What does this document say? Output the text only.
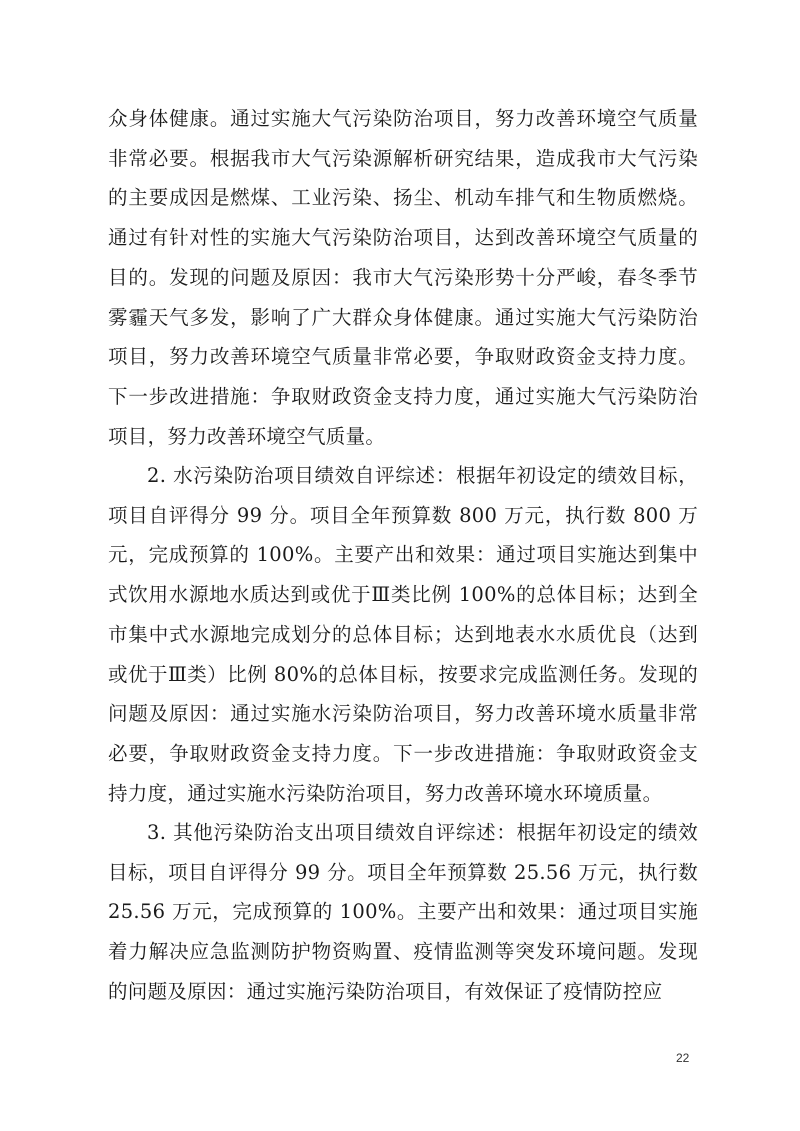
众身体健康。通过实施大气污染防治项目，努力改善环境空气质量非常必要。根据我市大气污染源解析研究结果，造成我市大气污染的主要成因是燃煤、工业污染、扬尘、机动车排气和生物质燃烧。通过有针对性的实施大气污染防治项目，达到改善环境空气质量的目的。发现的问题及原因：我市大气污染形势十分严峻，春冬季节雾霾天气多发，影响了广大群众身体健康。通过实施大气污染防治项目，努力改善环境空气质量非常必要，争取财政资金支持力度。下一步改进措施：争取财政资金支持力度，通过实施大气污染防治项目，努力改善环境空气质量。

2. 水污染防治项目绩效自评综述：根据年初设定的绩效目标，项目自评得分 99 分。项目全年预算数 800 万元，执行数 800 万元，完成预算的 100%。主要产出和效果：通过项目实施达到集中式饮用水源地水质达到或优于Ⅲ类比例 100%的总体目标；达到全市集中式水源地完成划分的总体目标；达到地表水水质优良（达到或优于Ⅲ类）比例 80%的总体目标，按要求完成监测任务。发现的问题及原因：通过实施水污染防治项目，努力改善环境水质量非常必要，争取财政资金支持力度。下一步改进措施：争取财政资金支持力度，通过实施水污染防治项目，努力改善环境水环境质量。

3. 其他污染防治支出项目绩效自评综述：根据年初设定的绩效目标，项目自评得分 99 分。项目全年预算数 25.56 万元，执行数 25.56 万元，完成预算的 100%。主要产出和效果：通过项目实施着力解决应急监测防护物资购置、疫情监测等突发环境问题。发现的问题及原因：通过实施污染防治项目，有效保证了疫情防控应

22
